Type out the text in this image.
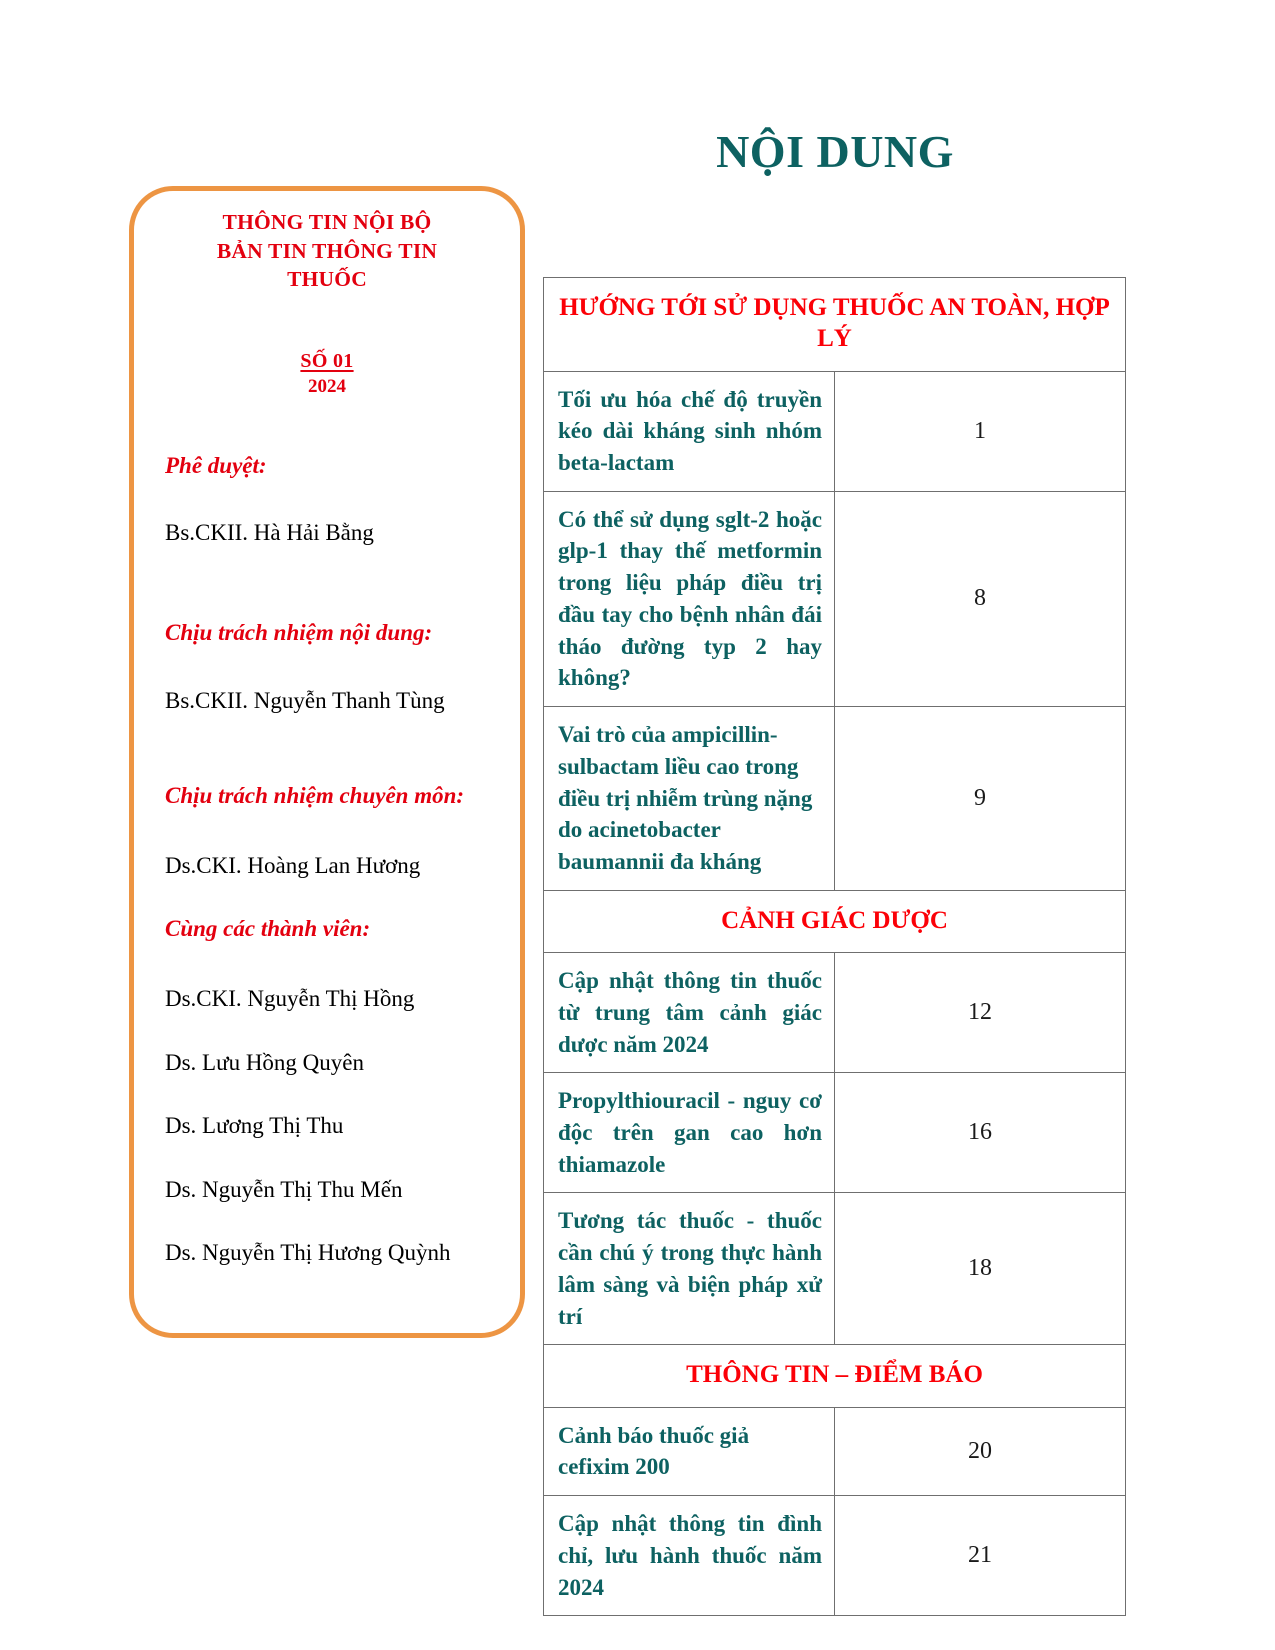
NỘI DUNG
THÔNG TIN NỘI BỘ
BẢN TIN THÔNG TIN
THUỐC
SỐ 01
2024
Phê duyệt:
Bs.CKII. Hà Hải Bằng
Chịu trách nhiệm nội dung:
Bs.CKII. Nguyễn Thanh Tùng
Chịu trách nhiệm chuyên môn:
Ds.CKI. Hoàng Lan Hương
Cùng các thành viên:
Ds.CKI. Nguyễn Thị Hồng
Ds. Lưu Hồng Quyên
Ds. Lương Thị Thu
Ds. Nguyễn Thị Thu Mến
Ds. Nguyễn Thị Hương Quỳnh
HƯỚNG TỚI SỬ DỤNG THUỐC AN TOÀN, HỢP LÝ	
Tối ưu hóa chế độ truyền kéo dài kháng sinh nhóm beta-lactam	1
Có thể sử dụng sglt-2 hoặc glp-1 thay thế metformin trong liệu pháp điều trị đầu tay cho bệnh nhân đái tháo đường typ 2 hay không?	8
Vai trò của ampicillin-sulbactam liều cao trong điều trị nhiễm trùng nặng do acinetobacter baumannii đa kháng	9
CẢNH GIÁC DƯỢC	
Cập nhật thông tin thuốc từ trung tâm cảnh giác dược năm 2024	12
Propylthiouracil - nguy cơ độc trên gan cao hơn thiamazole	16
Tương tác thuốc - thuốc cần chú ý trong thực hành lâm sàng và biện pháp xử trí	18
THÔNG TIN – ĐIỂM BÁO	
Cảnh báo thuốc giả cefixim 200	20
Cập nhật thông tin đình chỉ, lưu hành thuốc năm 2024	21
